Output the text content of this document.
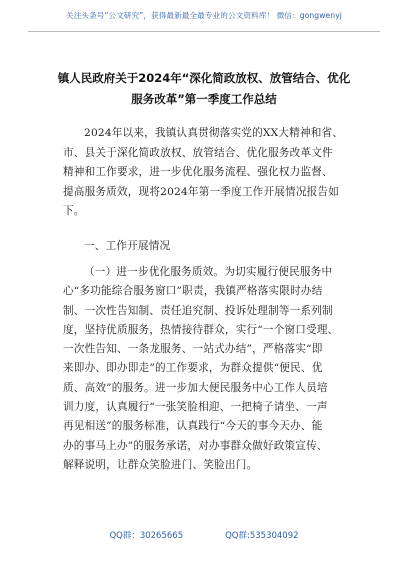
关注头条号“公文研究”，获得最新最全最专业的公文资料库！ 微信：gongwenyj
镇人民政府关于2024年“深化简政放权、放管结合、优化
服务改革”第一季度工作总结
2024年以来，我镇认真贯彻落实党的XX大精神和省、
市、县关于深化简政放权、放管结合、优化服务改革文件
精神和工作要求，进一步优化服务流程、强化权力监督、
提高服务质效，现将2024年第一季度工作开展情况报告如
下。
一、工作开展情况
（一）进一步优化服务质效。为切实履行便民服务中
心“多功能综合服务窗口”职责，我镇严格落实限时办结
制、一次性告知制、责任追究制、投诉处理制等一系列制
度，坚持优质服务，热情接待群众，实行“一个窗口受理、
一次性告知、一条龙服务、一站式办结”，严格落实“即
来即办、即办即走”的工作要求，为群众提供“便民、优
质、高效”的服务。进一步加大便民服务中心工作人员培
训力度，认真履行“一张笑脸相迎、一把椅子请坐、一声
再见相送”的服务标准，认真践行“今天的事今天办、能
办的事马上办”的服务承诺，对办事群众做好政策宣传、
解释说明，让群众笑脸进门、笑脸出门。
QQ群：30265665	QQ群:535304092
